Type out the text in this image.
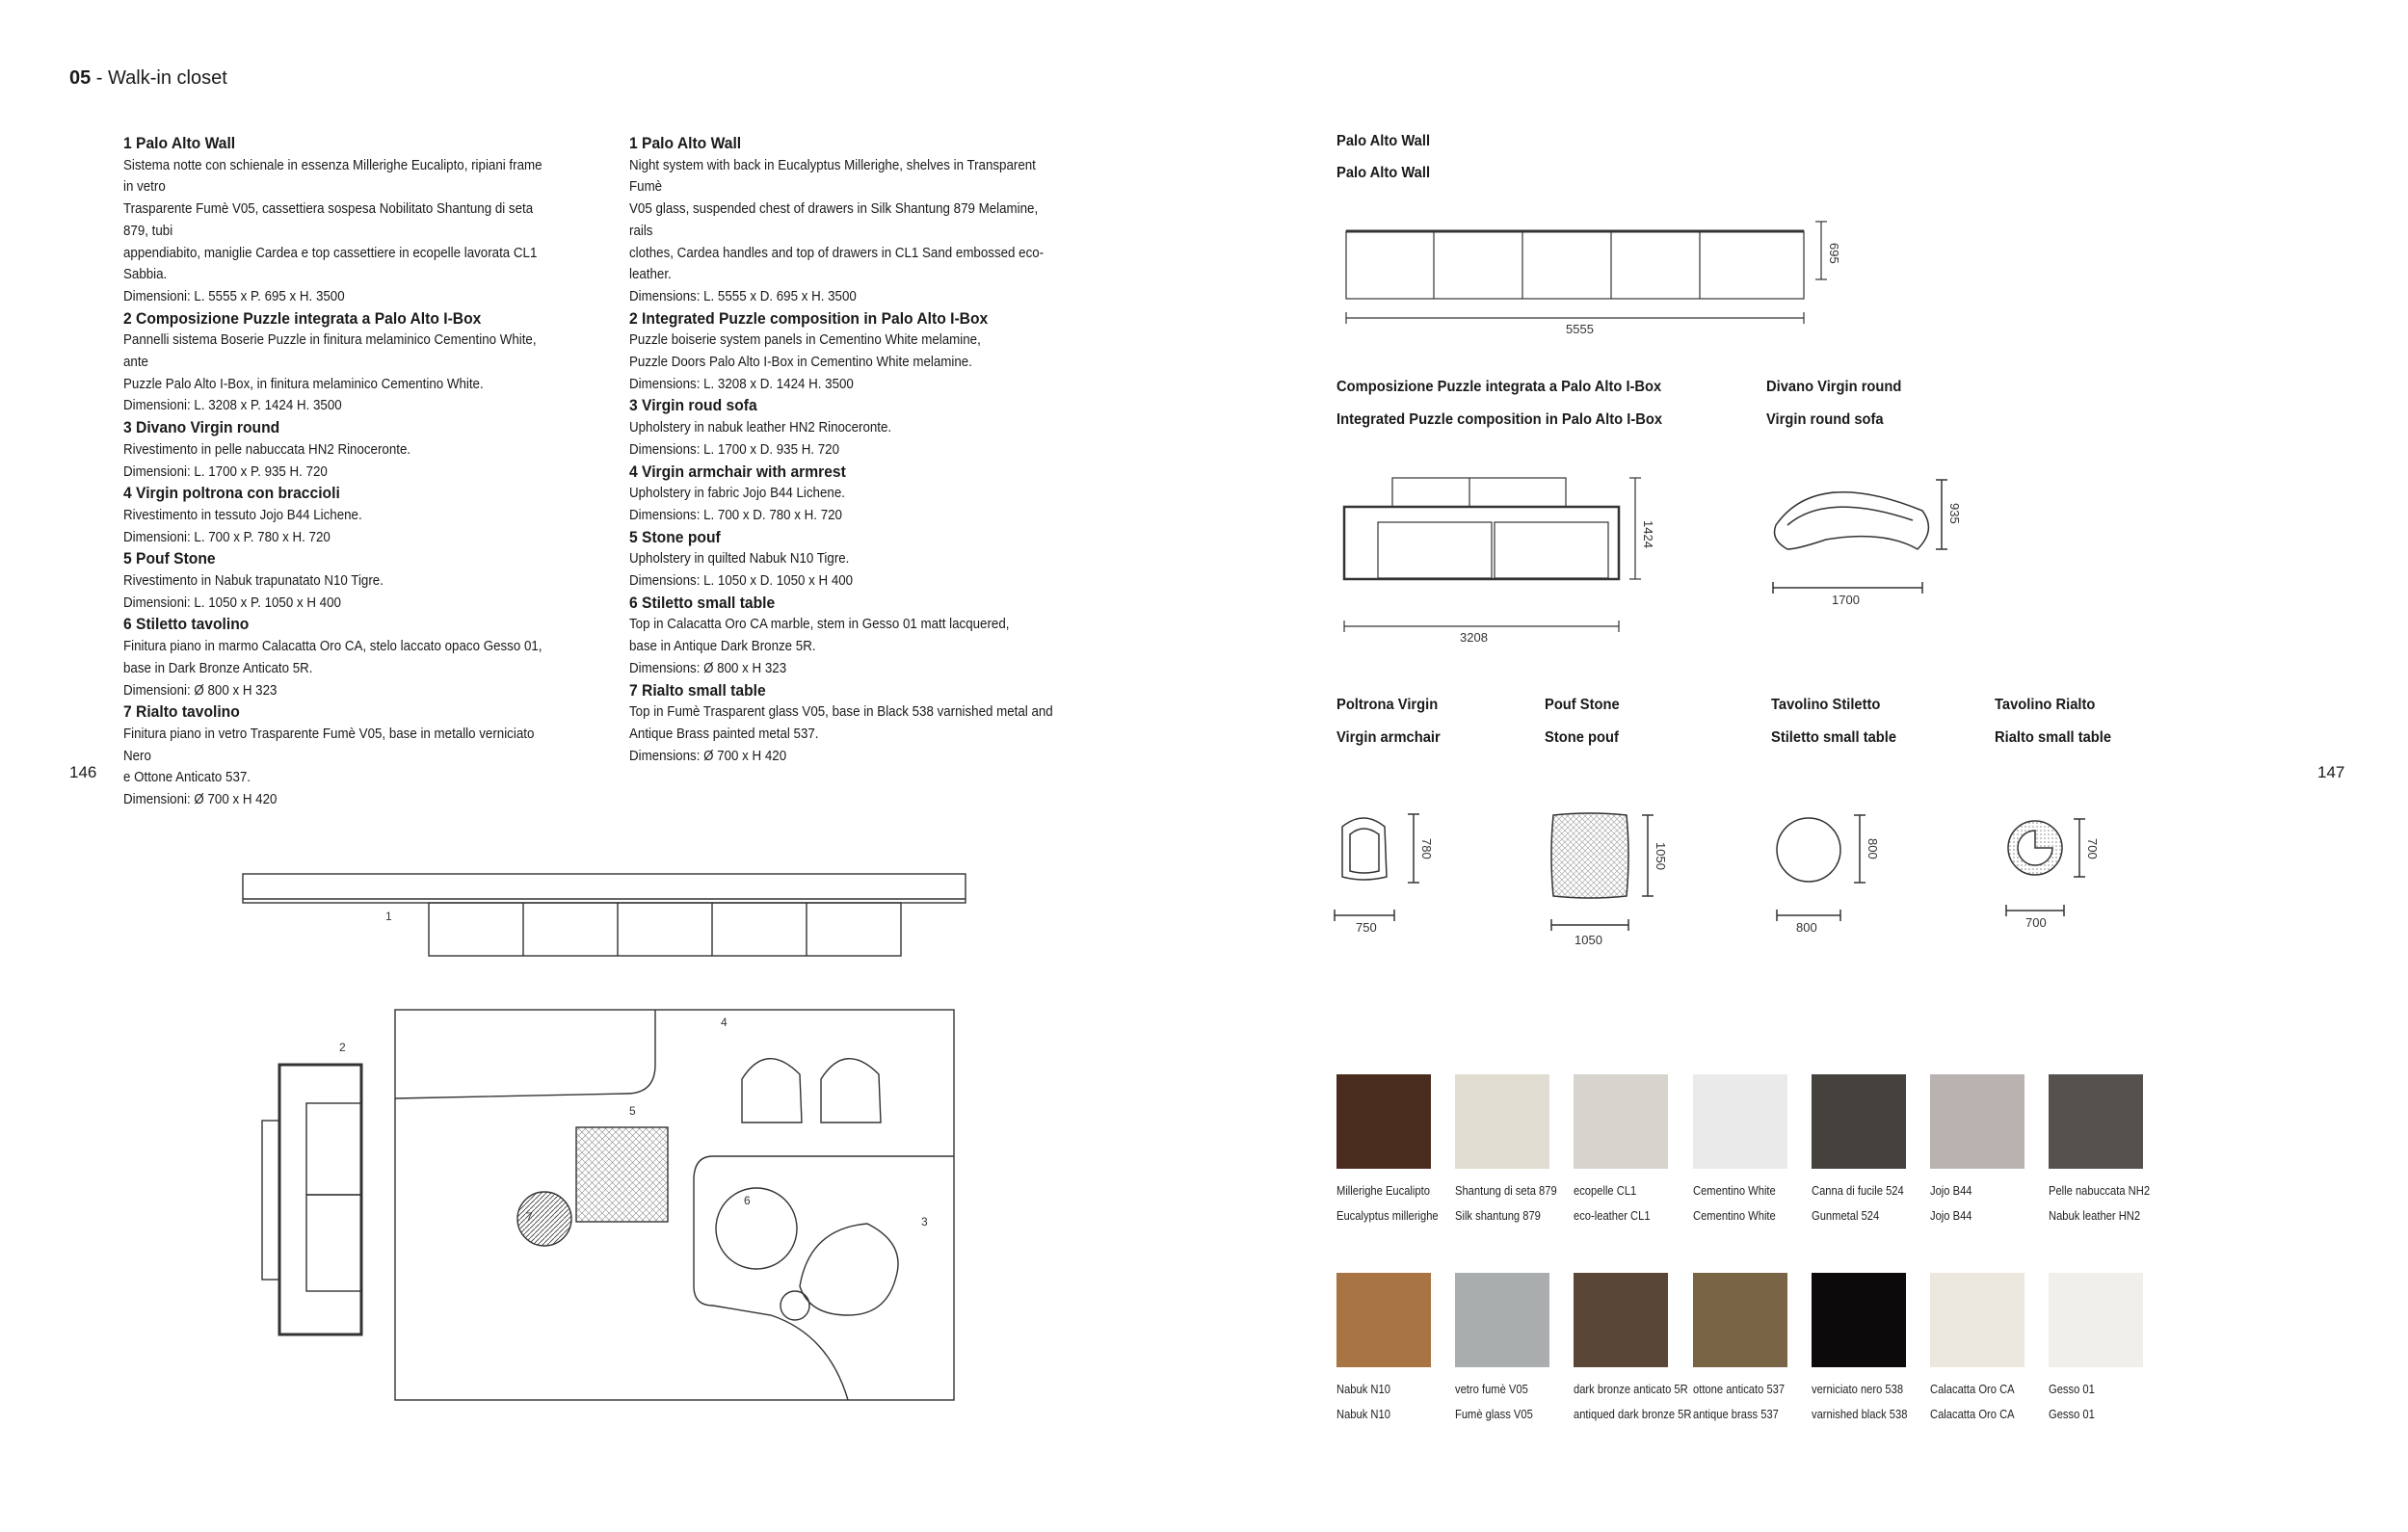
05 - Walk-in closet

1 Palo Alto Wall

Sistema notte con schienale in essenza Millerighe Eucalipto, ripiani frame in vetro

Trasparente Fumè V05, cassettiera sospesa Nobilitato Shantung di seta 879, tubi

appendiabito, maniglie Cardea e top cassettiere in ecopelle lavorata CL1 Sabbia.

Dimensioni: L. 5555 x P. 695 x H. 3500

2 Composizione Puzzle integrata a Palo Alto I-Box

Pannelli sistema Boserie Puzzle in finitura melaminico Cementino White, ante

Puzzle Palo Alto I-Box, in finitura melaminico Cementino White.

Dimensioni: L. 3208 x P. 1424 H. 3500

3 Divano Virgin round

Rivestimento in pelle nabuccata HN2 Rinoceronte.

Dimensioni: L. 1700 x P. 935 H. 720

4 Virgin poltrona con braccioli

Rivestimento in tessuto Jojo B44 Lichene.

Dimensioni: L. 700 x P. 780 x H. 720

5 Pouf Stone

Rivestimento in Nabuk trapunatato N10 Tigre.

Dimensioni: L. 1050 x P. 1050 x H 400

6 Stiletto tavolino

Finitura piano in marmo Calacatta Oro CA, stelo laccato opaco Gesso 01,

base in Dark Bronze Anticato 5R.

Dimensioni: Ø 800 x H 323

7 Rialto tavolino

Finitura piano in vetro Trasparente Fumè V05, base in metallo verniciato Nero

e Ottone Anticato 537.

Dimensioni: Ø 700 x H 420

1 Palo Alto Wall

Night system with back in Eucalyptus Millerighe, shelves in Transparent Fumè

V05 glass, suspended chest of drawers in Silk Shantung 879 Melamine, rails

clothes, Cardea handles and top of drawers in CL1 Sand embossed eco-leather.

Dimensions: L. 5555 x D. 695 x H. 3500

2 Integrated Puzzle composition in Palo Alto I-Box

Puzzle boiserie system panels in Cementino White melamine,

Puzzle Doors Palo Alto I-Box in Cementino White melamine.

Dimensions: L. 3208 x D. 1424 H. 3500

3 Virgin roud sofa

Upholstery in nabuk leather HN2 Rinoceronte.

Dimensions: L. 1700 x D. 935 H. 720

4 Virgin armchair with armrest

Upholstery in fabric Jojo B44 Lichene.

Dimensions: L. 700 x D. 780 x H. 720

5 Stone pouf

Upholstery in quilted Nabuk N10 Tigre.

Dimensions: L. 1050 x D. 1050 x H 400

6 Stiletto small table

Top in Calacatta Oro CA marble, stem in Gesso 01 matt lacquered,

base in Antique Dark Bronze 5R.

Dimensions: Ø 800 x H 323

7 Rialto small table

Top in Fumè Trasparent glass V05, base in Black 538 varnished metal and

Antique Brass painted metal 537.

Dimensions: Ø 700 x H 420

146	147
Palo Alto Wall
Palo Alto Wall
5555
695
Composizione Puzzle integrata a Palo Alto I-Box
Integrated Puzzle composition in Palo Alto I-Box
3208
1424
Divano Virgin round
Virgin round sofa
1700
935
Poltrona Virgin
Virgin armchair
Pouf Stone
Stone pouf
Tavolino Stiletto
Stiletto small table
Tavolino Rialto
Rialto small table
750
780
1050
1050
800
800
700
700
1
2
3
4
5
6
7
Millerighe Eucalipto
Eucalyptus millerighe
Shantung di seta 879
Silk shantung 879
ecopelle CL1
eco-leather CL1
Cementino White
Cementino White
Canna di fucile 524
Gunmetal 524
Jojo B44
Jojo B44
Pelle nabuccata NH2
Nabuk leather HN2
Nabuk N10
Nabuk N10
vetro fumè V05
Fumè glass V05
dark bronze anticato 5R
antiqued dark bronze 5R
ottone anticato 537
antique brass 537
verniciato nero 538
varnished black 538
Calacatta Oro CA
Calacatta Oro CA
Gesso 01
Gesso 01
